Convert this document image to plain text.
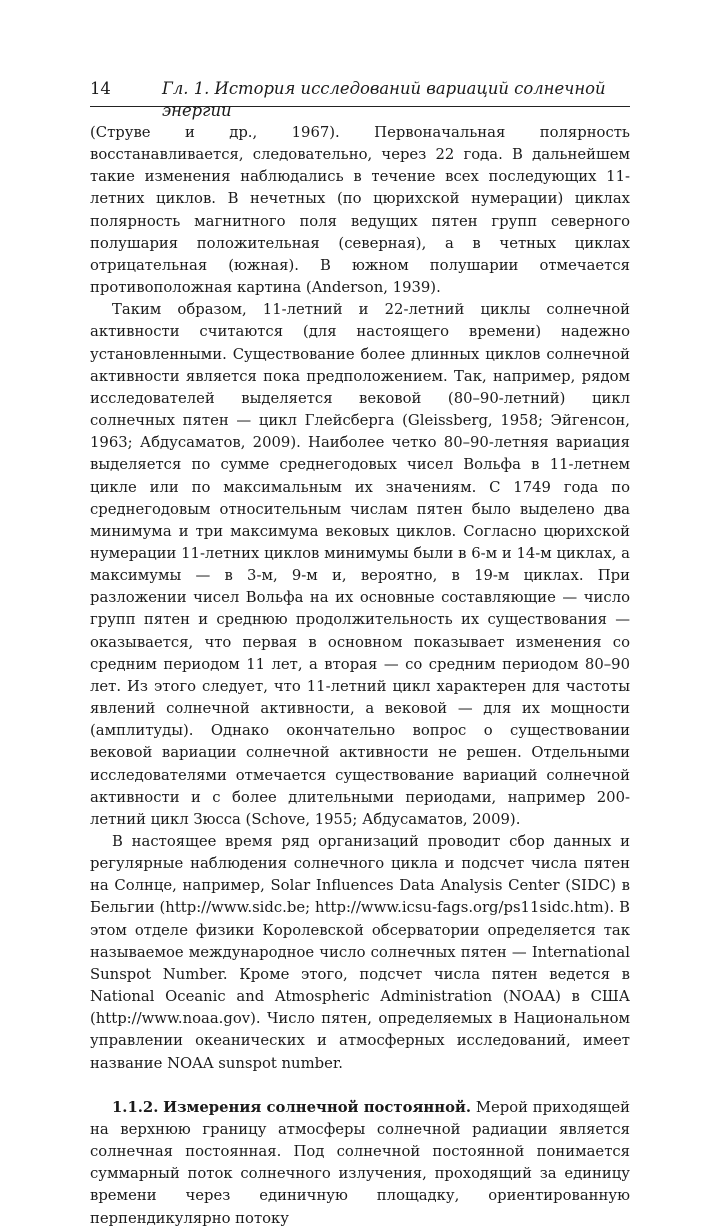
14	Гл. 1. История исследований вариаций солнечной энергии

(Струве и др., 1967). Первоначальная полярность восстанавливается, следовательно, через 22 года. В дальнейшем такие изменения наблюдались в течение всех последующих 11-летних циклов. В нечетных (по цюрихской нумерации) циклах полярность магнитного поля ведущих пятен групп северного полушария положительная (северная), а в четных циклах отрицательная (южная). В южном полушарии отмечается противоположная картина (Anderson, 1939).

Таким образом, 11-летний и 22-летний циклы солнечной активности считаются (для настоящего времени) надежно установленными. Существование более длинных циклов солнечной активности является пока предположением. Так, например, рядом исследователей выделяется вековой (80–90-летний) цикл солнечных пятен — цикл Глейсберга (Gleissberg, 1958; Эйгенсон, 1963; Абдусаматов, 2009). Наиболее четко 80–90-летняя вариация выделяется по сумме среднегодовых чисел Вольфа в 11-летнем цикле или по максимальным их значениям. С 1749 года по среднегодовым относительным числам пятен было выделено два минимума и три максимума вековых циклов. Согласно цюрихской нумерации 11-летних циклов минимумы были в 6-м и 14-м циклах, а максимумы — в 3-м, 9-м и, вероятно, в 19-м циклах. При разложении чисел Вольфа на их основные составляющие — число групп пятен и среднюю продолжительность их существования — оказывается, что первая в основном показывает изменения со средним периодом 11 лет, а вторая — со средним периодом 80–90 лет. Из этого следует, что 11-летний цикл характерен для частоты явлений солнечной активности, а вековой — для их мощности (амплитуды). Однако окончательно вопрос о существовании вековой вариации солнечной активности не решен. Отдельными исследователями отмечается существование вариаций солнечной активности и с более длительными периодами, например 200-летний цикл Зюсса (Schove, 1955; Абдусаматов, 2009).

В настоящее время ряд организаций проводит сбор данных и регулярные наблюдения солнечного цикла и подсчет числа пятен на Солнце, например, Solar Influences Data Analysis Center (SIDC) в Бельгии (http://www.sidc.be; http://www.icsu-fags.org/ps11sidc.htm). В этом отделе физики Королевской обсерватории определяется так называемое международное число солнечных пятен — International Sunspot Number. Кроме этого, подсчет числа пятен ведется в National Oceanic and Atmospheric Administration (NOAA) в США (http://www.noaa.gov). Число пятен, определяемых в Национальном управлении океанических и атмосферных исследований, имеет название NOAA sunspot number.

1.1.2. Измерения солнечной постоянной. Мерой приходящей на верхнюю границу атмосферы солнечной радиации является солнечная постоянная. Под солнечной постоянной понимается суммарный поток солнечного излучения, проходящий за единицу времени через единичную площадку, ориентированную перпендикулярно потоку
